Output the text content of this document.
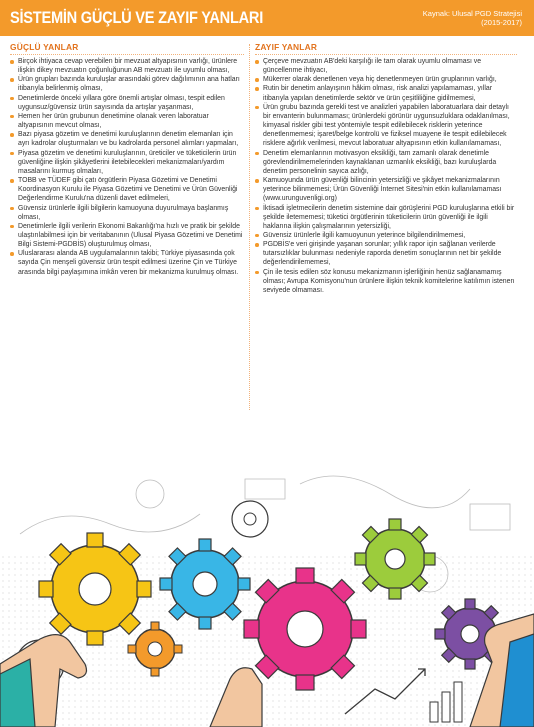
SİSTEMİN GÜÇLÜ VE ZAYIF YANLARI	Kaynak: Ulusal PGD Stratejisi
(2015-2017)
GÜÇLÜ YANLAR
Birçok ihtiyaca cevap verebilen bir mevzuat altyapısının varlığı, ürünlere ilişkin dikey mevzuatın çoğunluğunun AB mevzuatı ile uyumlu olması,
Ürün grupları bazında kuruluşlar arasındaki görev dağılımının ana hatları itibarıyla belirlenmiş olması,
Denetimlerde önceki yıllara göre önemli artışlar olması, tespit edilen uygunsuz/güvensiz ürün sayısında da artışlar yaşanması,
Hemen her ürün grubunun denetimine olanak veren laboratuar altyapısının mevcut olması,
Bazı piyasa gözetim ve denetimi kuruluşlarının denetim elemanları için ayrı kadrolar oluşturmaları ve bu kadrolarda personel alımları yapmaları,
Piyasa gözetim ve denetimi kuruluşlarının, üreticiler ve tüketicilerin ürün güvenliğine ilişkin şikâyetlerini iletebilecekleri mekanizmaları/yardım masalarını kurmuş olmaları,
TOBB ve TÜDEF gibi çatı örgütlerin Piyasa Gözetimi ve Denetimi Koordinasyon Kurulu ile Piyasa Gözetimi ve Denetimi ve Ürün Güvenliği Değerlendirme Kurulu'na düzenli davet edilmeleri,
Güvensiz ürünlerle ilgili bilgilerin kamuoyuna duyurulmaya başlanmış olması,
Denetimlerle ilgili verilerin Ekonomi Bakanlığı'na hızlı ve pratik bir şekilde ulaştırılabilmesi için bir veritabanının (Ulusal Piyasa Gözetimi ve Denetimi Bilgi Sistemi-PGDBİS) oluşturulmuş olması,
Uluslararası alanda AB uygulamalarının takibi; Türkiye piyasasında çok sayıda Çin menşeli güvensiz ürün tespit edilmesi üzerine Çin ve Türkiye arasında bilgi paylaşımına imkân veren bir mekanizma kurulmuş olması.
ZAYIF YANLAR
Çerçeve mevzuatın AB'deki karşılığı ile tam olarak uyumlu olmaması ve güncellenme ihtiyacı,
Mükerrer olarak denetlenen veya hiç denetlenmeyen ürün gruplarının varlığı,
Rutin bir denetim anlayışının hâkim olması, risk analizi yapılamaması, yıllar itibarıyla yapılan denetimlerde sektör ve ürün çeşitliliğine gidilmemesi,
Ürün grubu bazında gerekli test ve analizleri yapabilen laboratuarlara dair detaylı bir envanterin bulunmaması; ürünlerdeki görünür uygunsuzluklara odaklanılması, kimyasal riskler gibi test yöntemiyle tespit edilebilecek risklerin yeterince denetlenmemesi; işaret/belge kontrolü ve fiziksel muayene ile tespit edilebilecek risklere ağırlık verilmesi, mevcut laboratuar altyapısının etkin kullanılamaması,
Denetim elemanlarının motivasyon eksikliği, tam zamanlı olarak denetimle görevlendirilmemelerinden kaynaklanan uzmanlık eksikliği, bazı kuruluşlarda denetim personelinin sayıca azlığı,
Kamuoyunda ürün güvenliği bilincinin yetersizliği ve şikâyet mekanizmalarının yeterince bilinmemesi; Ürün Güvenliği İnternet Sitesi'nin etkin kullanılamaması (www.urunguvenligi.org)
İktisadi işletmecilerin denetim sistemine dair görüşlerini PGD kuruluşlarına etkili bir şekilde iletememesi; tüketici örgütlerinin tüketicilerin ürün güvenliği ile ilgili haklarına ilişkin çalışmalarının yetersizliği,
Güvensiz ürünlerle ilgili kamuoyunun yeterince bilgilendirilmemesi,
PGDBİS'e veri girişinde yaşanan sorunlar; yıllık rapor için sağlanan verilerde tutarsızlıklar bulunması nedeniyle raporda denetim sonuçlarının net bir şekilde değerlendirilememesi,
Çin ile tesis edilen söz konusu mekanizmanın işlerliğinin henüz sağlanamamış olması; Avrupa Komisyonu'nun ürünlere ilişkin teknik komitelerine katılımın istenen seviyede olmaması.
